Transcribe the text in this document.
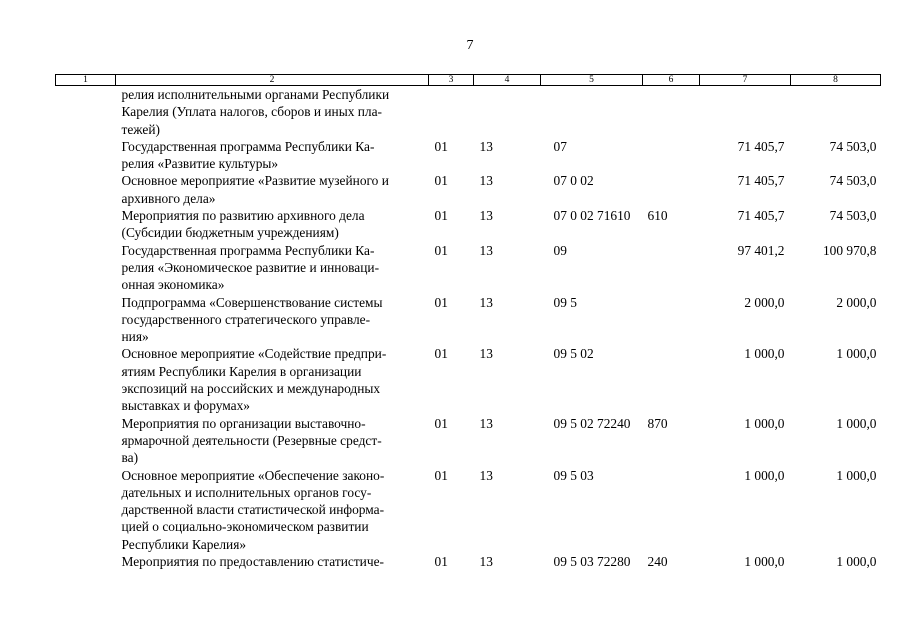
7
1	2	3	4	5	6	7	8
	релия исполнительными органами Республики
Карелия (Уплата налогов, сборов и иных пла-
тежей)						
	Государственная программа Республики Ка-
релия «Развитие культуры»	01	13	07		71 405,7	74 503,0
	Основное мероприятие «Развитие музейного и
архивного дела»	01	13	07 0 02		71 405,7	74 503,0
	Мероприятия по развитию архивного дела
(Субсидии бюджетным учреждениям)	01	13	07 0 02 71610	610	71 405,7	74 503,0
	Государственная программа Республики Ка-
релия «Экономическое развитие и инноваци-
онная экономика»	01	13	09		97 401,2	100 970,8
	Подпрограмма «Совершенствование системы
государственного стратегического управле-
ния»	01	13	09 5		2 000,0	2 000,0
	Основное мероприятие «Содействие предпри-
ятиям Республики Карелия в организации
экспозиций на российских и международных
выставках и форумах»	01	13	09 5 02		1 000,0	1 000,0
	Мероприятия по организации выставочно-
ярмарочной деятельности (Резервные средст-
ва)	01	13	09 5 02 72240	870	1 000,0	1 000,0
	Основное мероприятие «Обеспечение законо-
дательных и исполнительных органов госу-
дарственной власти статистической информа-
цией о социально-экономическом развитии
Республики Карелия»	01	13	09 5 03		1 000,0	1 000,0
	Мероприятия по предоставлению статистиче-	01	13	09 5 03 72280	240	1 000,0	1 000,0
